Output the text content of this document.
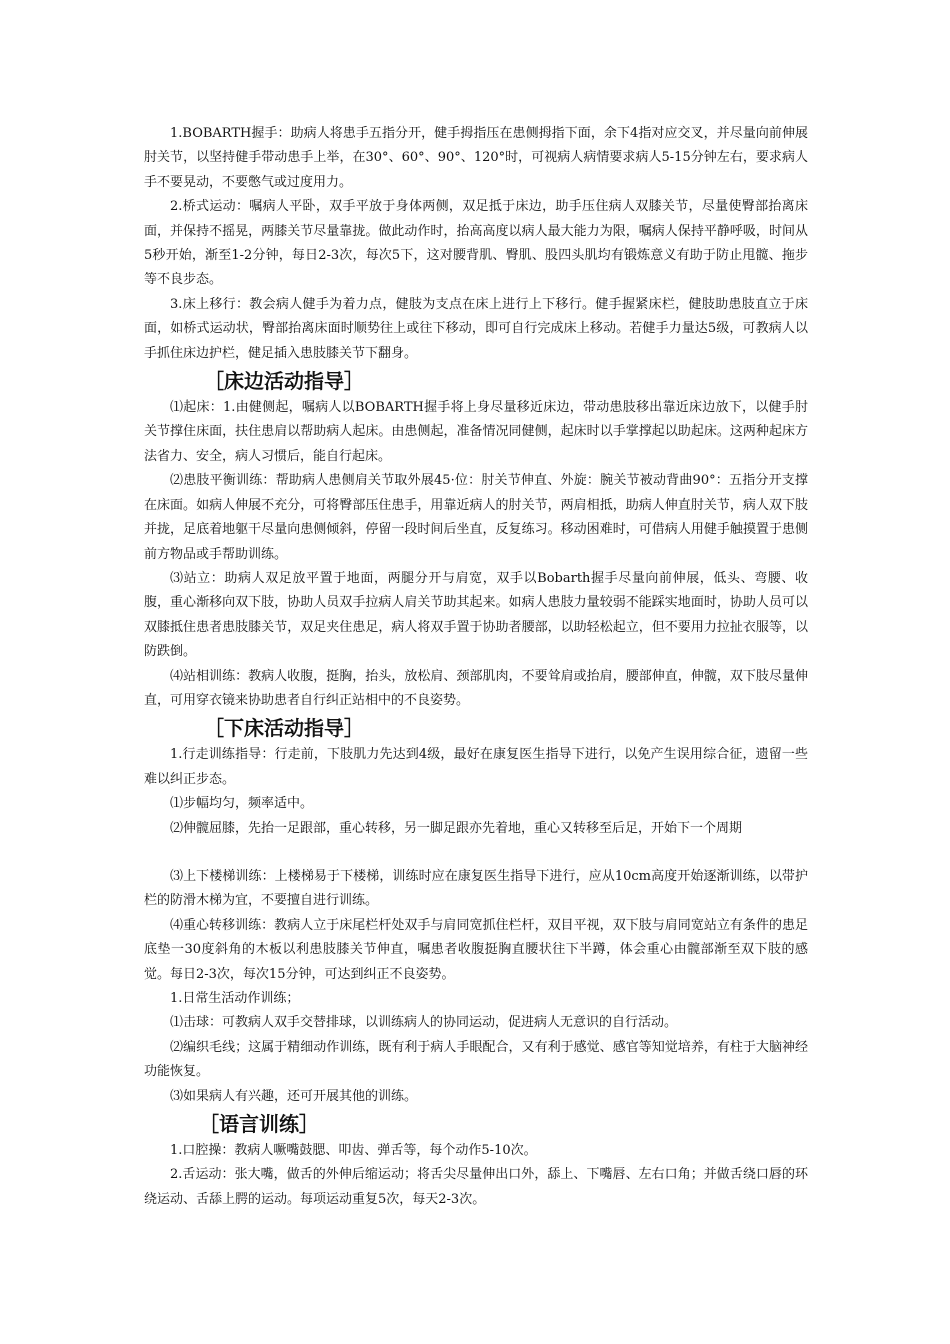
1.BOBARTH握手：助病人将患手五指分开，健手拇指压在患侧拇指下面，余下4指对应交叉，并尽量向前伸展肘关节，以坚持健手带动患手上举，在30°、60°、90°、120°时，可视病人病情要求病人5-15分钟左右，要求病人手不要晃动，不要憋气或过度用力。

2.桥式运动：嘱病人平卧，双手平放于身体两侧，双足抵于床边，助手压住病人双膝关节，尽量使臀部抬离床面，并保持不摇晃，两膝关节尽量靠拢。做此动作时，抬高高度以病人最大能力为限，嘱病人保持平静呼吸，时间从5秒开始，渐至1-2分钟，每日2-3次，每次5下，这对腰背肌、臀肌、股四头肌均有锻炼意义有助于防止甩髋、拖步等不良步态。

3.床上移行：教会病人健手为着力点，健肢为支点在床上进行上下移行。健手握紧床栏，健肢助患肢直立于床面，如桥式运动状，臀部抬离床面时顺势往上或往下移动，即可自行完成床上移动。若健手力量达5级，可教病人以手抓住床边护栏，健足插入患肢膝关节下翻身。

［床边活动指导］

⑴起床：1.由健侧起，嘱病人以BOBARTH握手将上身尽量移近床边，带动患肢移出靠近床边放下，以健手肘关节撑住床面，扶住患肩以帮助病人起床。由患侧起，准备情况同健侧，起床时以手掌撑起以助起床。这两种起床方法省力、安全，病人习惯后，能自行起床。

⑵患肢平衡训练：帮助病人患侧肩关节取外展45·位：肘关节伸直、外旋：腕关节被动背曲90°：五指分开支撑在床面。如病人伸展不充分，可将臀部压住患手，用靠近病人的肘关节，两肩相抵，助病人伸直肘关节，病人双下肢并拢，足底着地躯干尽量向患侧倾斜，停留一段时间后坐直，反复练习。移动困难时，可借病人用健手触摸置于患侧前方物品或手帮助训练。

⑶站立：助病人双足放平置于地面，两腿分开与肩宽，双手以Bobarth握手尽量向前伸展，低头、弯腰、收腹，重心渐移向双下肢，协助人员双手拉病人肩关节助其起来。如病人患肢力量较弱不能踩实地面时，协助人员可以双膝抵住患者患肢膝关节，双足夹住患足，病人将双手置于协助者腰部，以助轻松起立，但不要用力拉扯衣服等，以防跌倒。

⑷站相训练：教病人收腹，挺胸，抬头，放松肩、颈部肌肉，不要耸肩或抬肩，腰部伸直，伸髋，双下肢尽量伸直，可用穿衣镜来协助患者自行纠正站相中的不良姿势。

［下床活动指导］

1.行走训练指导：行走前，下肢肌力先达到4级，最好在康复医生指导下进行，以免产生误用综合征，遗留一些难以纠正步态。

⑴步幅均匀，频率适中。

⑵伸髋屈膝，先抬一足跟部，重心转移，另一脚足跟亦先着地，重心又转移至后足，开始下一个周期

⑶上下楼梯训练：上楼梯易于下楼梯，训练时应在康复医生指导下进行，应从10cm高度开始逐渐训练，以带护栏的防滑木梯为宜，不要擅自进行训练。

⑷重心转移训练：教病人立于床尾栏杆处双手与肩同宽抓住栏杆，双目平视，双下肢与肩同宽站立有条件的患足底垫一30度斜角的木板以利患肢膝关节伸直，嘱患者收腹挺胸直腰状往下半蹲，体会重心由髋部渐至双下肢的感觉。每日2-3次，每次15分钟，可达到纠正不良姿势。

1.日常生活动作训练；

⑴击球：可教病人双手交替排球，以训练病人的协同运动，促进病人无意识的自行活动。

⑵编织毛线；这属于精细动作训练，既有利于病人手眼配合，又有利于感觉、感官等知觉培养，有柱于大脑神经功能恢复。

⑶如果病人有兴趣，还可开展其他的训练。

［语言训练］

1.口腔操：教病人噘嘴鼓腮、叩齿、弹舌等，每个动作5-10次。

2.舌运动：张大嘴，做舌的外伸后缩运动；将舌尖尽量伸出口外，舔上、下嘴唇、左右口角；并做舌绕口唇的环绕运动、舌舔上腭的运动。每项运动重复5次，每天2-3次。
